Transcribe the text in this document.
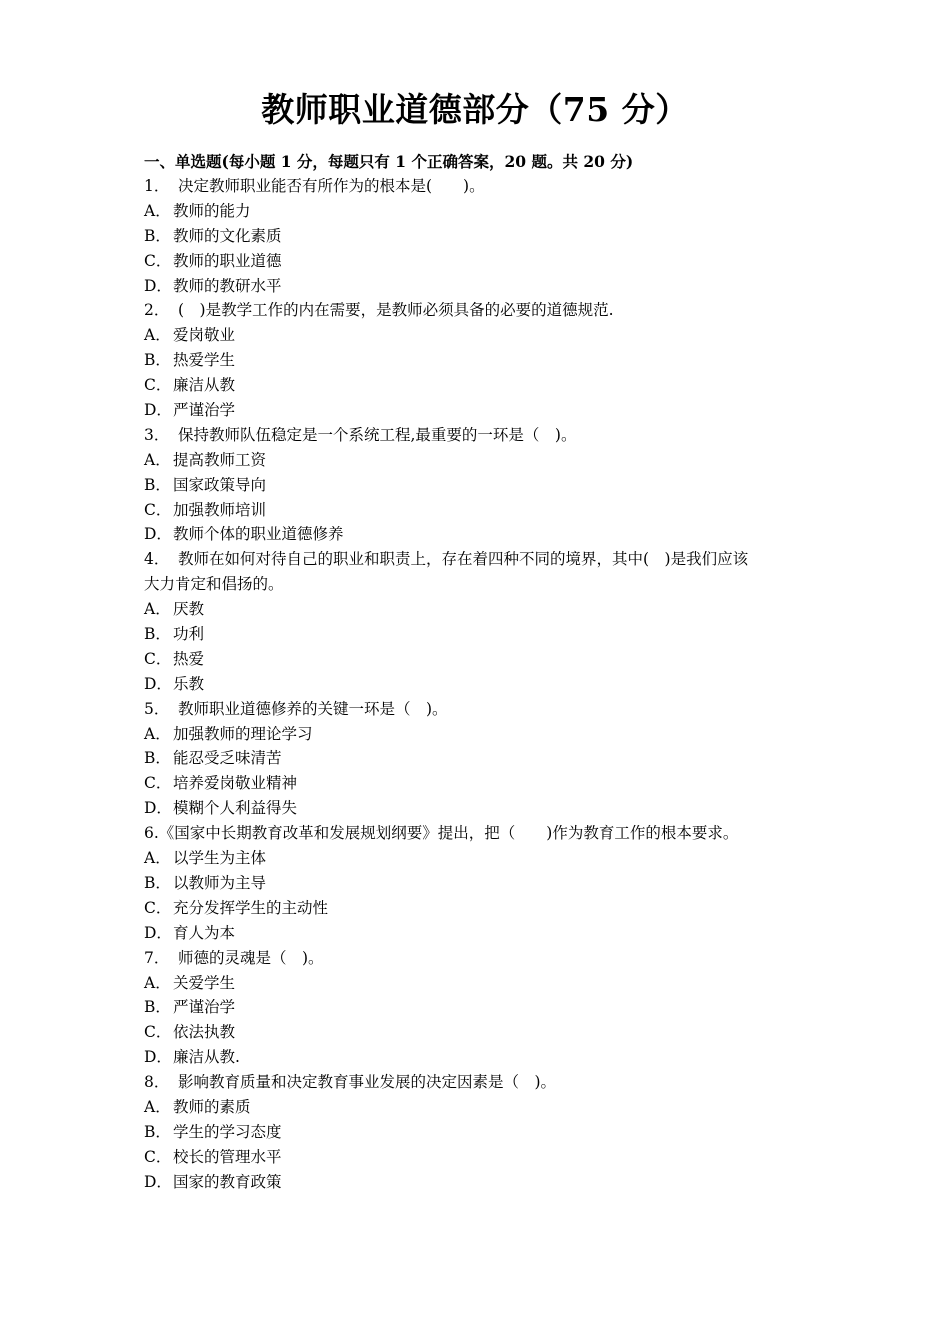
教师职业道德部分（75 分）
一、单选题(每小题 1 分，每题只有 1 个正确答案，20 题。共 20 分)
1． 决定教师职业能否有所作为的根本是(　　)。
A． 教师的能力
B． 教师的文化素质
C． 教师的职业道德
D．教师的教研水平
2． (　)是教学工作的内在需要，是教师必须具备的必要的道德规范.
A． 爱岗敬业
B． 热爱学生
C． 廉洁从教
D．严谨治学
3． 保持教师队伍稳定是一个系统工程,最重要的一环是（　)。
A． 提高教师工资
B． 国家政策导向
C． 加强教师培训
D．教师个体的职业道德修养
4． 教师在如何对待自己的职业和职责上，存在着四种不同的境界，其中(　)是我们应该
大力肯定和倡扬的。
A． 厌教
B． 功利
C． 热爱
D．乐教
5． 教师职业道德修养的关键一环是（　)。
A． 加强教师的理论学习
B． 能忍受乏味清苦
C． 培养爱岗敬业精神
D．模糊个人利益得失
6.《国家中长期教育改革和发展规划纲要》提出，把（　　)作为教育工作的根本要求。
A． 以学生为主体
B． 以教师为主导
C． 充分发挥学生的主动性
D．育人为本
7． 师德的灵魂是（　)。
A． 关爱学生
B． 严谨治学
C． 依法执教
D．廉洁从教.
8． 影响教育质量和决定教育事业发展的决定因素是（　)。
A． 教师的素质
B． 学生的学习态度
C． 校长的管理水平
D．国家的教育政策
